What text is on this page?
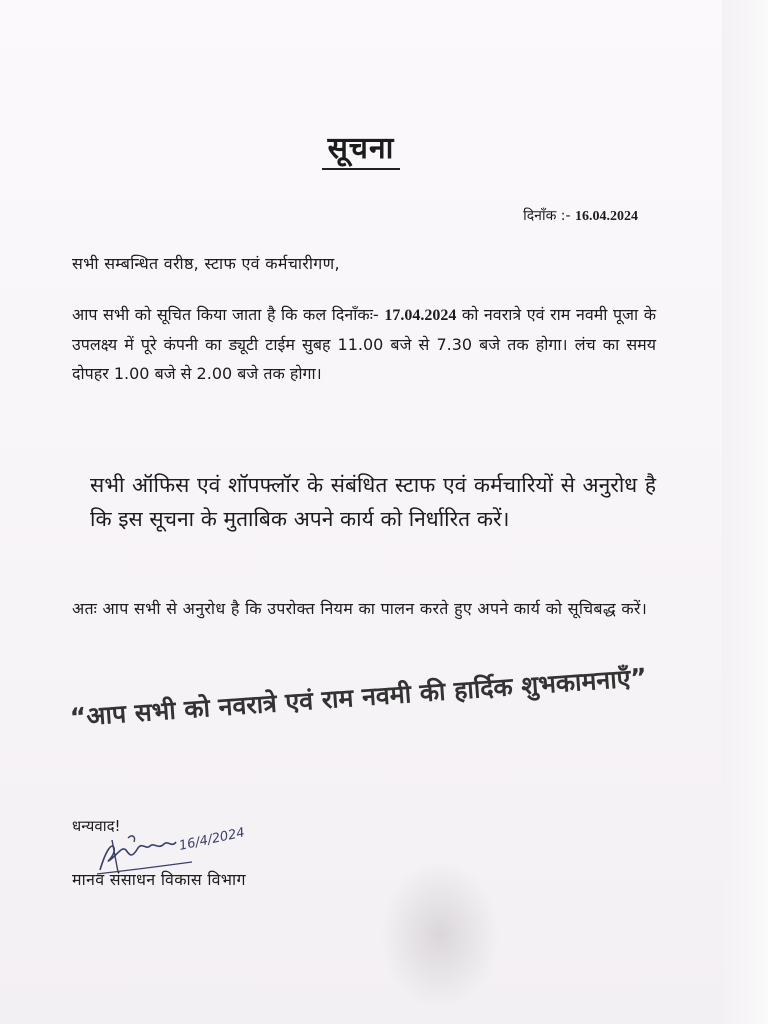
सूचना
दिनाँक :- 16.04.2024
सभी सम्बन्धित वरीष्ठ, स्टाफ एवं कर्मचारीगण,
आप सभी को सूचित किया जाता है कि कल दिनाँकः- 17.04.2024 को नवरात्रे एवं राम नवमी पूजा के उपलक्ष्य में पूरे कंपनी का ड्यूटी टाईम सुबह 11.00 बजे से 7.30 बजे तक होगा। लंच का समय दोपहर 1.00 बजे से 2.00 बजे तक होगा।
सभी ऑफिस एवं शॉपफ्लॉर के संबंधित स्टाफ एवं कर्मचारियों से अनुरोध है कि इस सूचना के मुताबिक अपने कार्य को निर्धारित करें।
अतः आप सभी से अनुरोध है कि उपरोक्त नियम का पालन करते हुए अपने कार्य को सूचिबद्ध करें।
“आप सभी को नवरात्रे एवं राम नवमी की हार्दिक शुभकामनाएँ”
धन्यवाद!	16/4/2024
मानव संसाधन विकास विभाग
